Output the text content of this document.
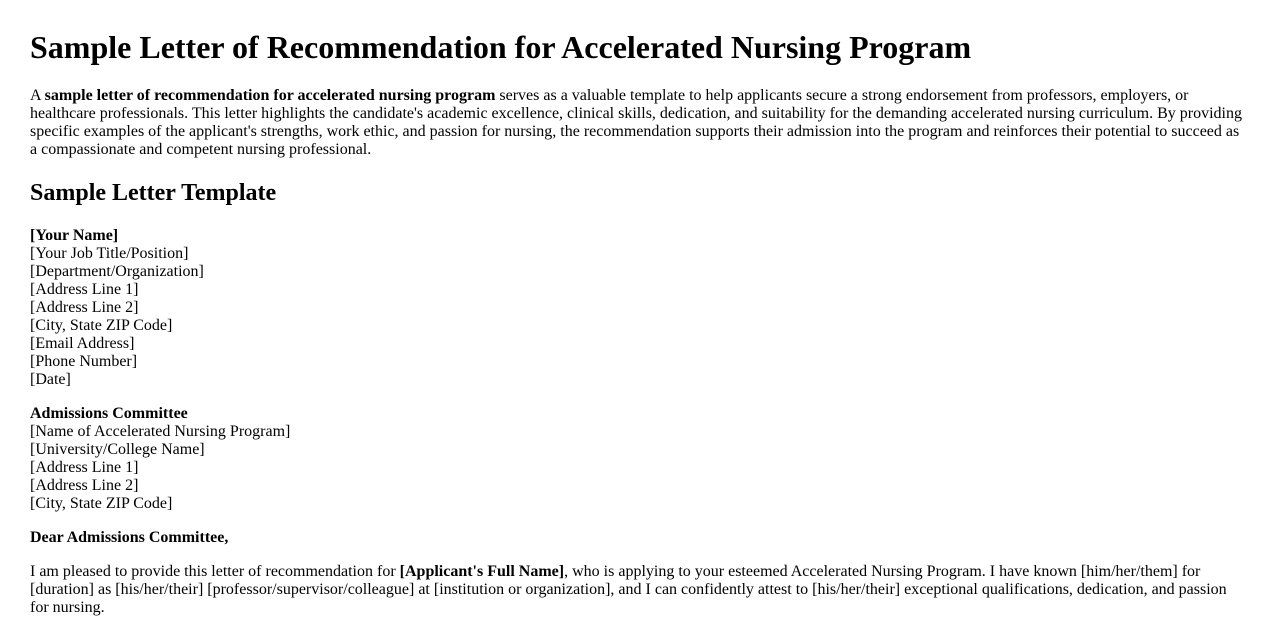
Sample Letter of Recommendation for Accelerated Nursing Program

A sample letter of recommendation for accelerated nursing program serves as a valuable template to help applicants secure a strong endorsement from professors, employers, or healthcare professionals. This letter highlights the candidate's academic excellence, clinical skills, dedication, and suitability for the demanding accelerated nursing curriculum. By providing specific examples of the applicant's strengths, work ethic, and passion for nursing, the recommendation supports their admission into the program and reinforces their potential to succeed as a compassionate and competent nursing professional.

Sample Letter Template

[Your Name]
[Your Job Title/Position]
[Department/Organization]
[Address Line 1]
[Address Line 2]
[City, State ZIP Code]
[Email Address]
[Phone Number]
[Date]

Admissions Committee
[Name of Accelerated Nursing Program]
[University/College Name]
[Address Line 1]
[Address Line 2]
[City, State ZIP Code]

Dear Admissions Committee,

I am pleased to provide this letter of recommendation for [Applicant's Full Name], who is applying to your esteemed Accelerated Nursing Program. I have known [him/her/them] for [duration] as [his/her/their] [professor/supervisor/colleague] at [institution or organization], and I can confidently attest to [his/her/their] exceptional qualifications, dedication, and passion for nursing.
